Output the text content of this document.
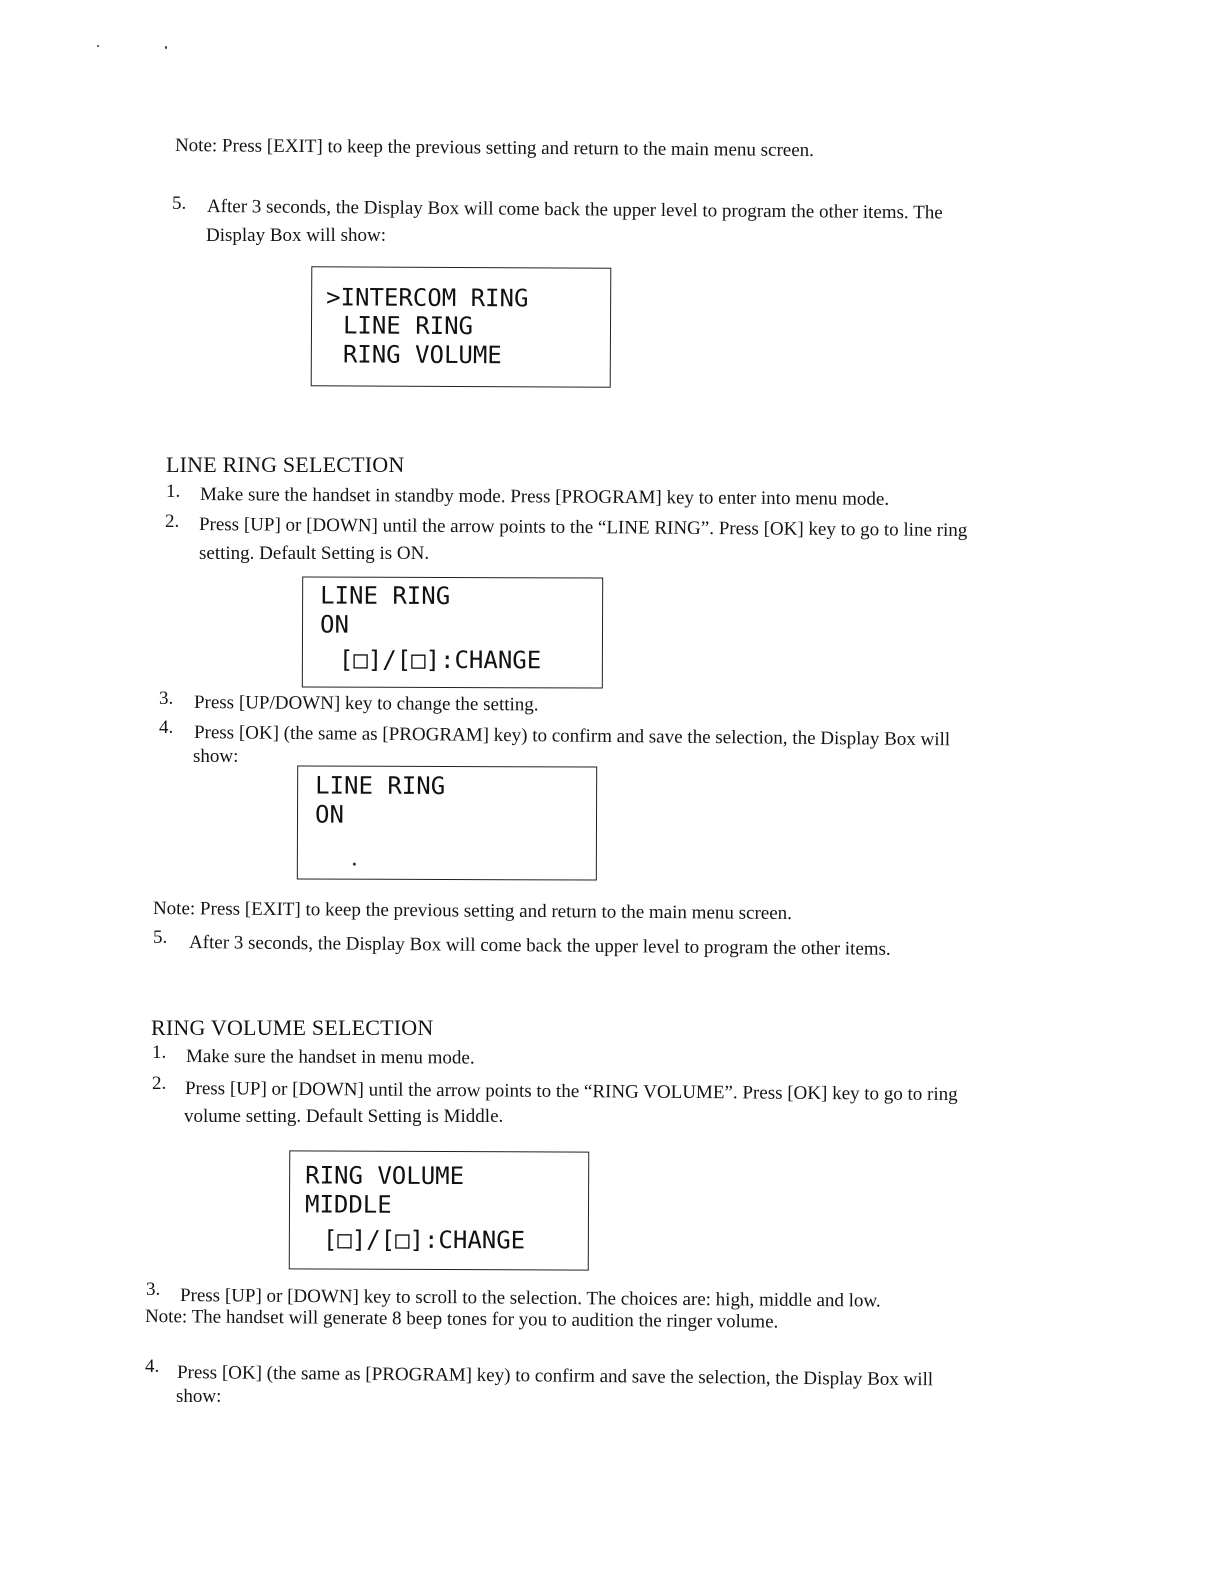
Note: Press [EXIT] to keep the previous setting and return to the main menu screen.
5. After 3 seconds, the Display Box will come back the upper level to program the other items. The
Display Box will show:
>INTERCOM RING
LINE RING
RING VOLUME
LINE RING SELECTION
1. Make sure the handset in standby mode. Press [PROGRAM] key to enter into menu mode.
2. Press [UP] or [DOWN] until the arrow points to the “LINE RING”. Press [OK] key to go to line ring
setting. Default Setting is ON.
LINE RING
ON
[□]/[□]:CHANGE
3. Press [UP/DOWN] key to change the setting.
4. Press [OK] (the same as [PROGRAM] key) to confirm and save the selection, the Display Box will
show:
LINE RING
ON
Note: Press [EXIT] to keep the previous setting and return to the main menu screen.
5. After 3 seconds, the Display Box will come back the upper level to program the other items.
RING VOLUME SELECTION
1. Make sure the handset in menu mode.
2. Press [UP] or [DOWN] until the arrow points to the “RING VOLUME”. Press [OK] key to go to ring
volume setting. Default Setting is Middle.
RING VOLUME
MIDDLE
[□]/[□]:CHANGE
3. Press [UP] or [DOWN] key to scroll to the selection. The choices are: high, middle and low.
Note: The handset will generate 8 beep tones for you to audition the ringer volume.
4. Press [OK] (the same as [PROGRAM] key) to confirm and save the selection, the Display Box will
show:
